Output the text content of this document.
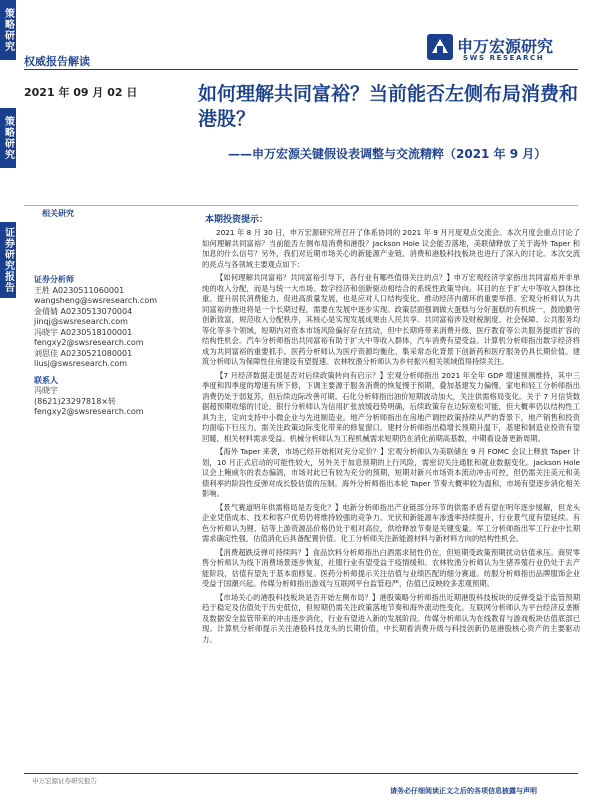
策略研究
策略研究
证券研究报告
申万宏源研究
SWS RESEARCH
权威报告解读
2021 年 09 月 02 日	如何理解共同富裕？当前能否左侧布局消费和港股？
——申万宏源关键假设表调整与交流精粹（2021 年 9 月）
相关研究
证券分析师
王胜 A0230511060001
wangsheng@swsresearch.com
金倩婧 A0230513070004
jinqj@swsresearch.com
冯晓宇 A0230518100001
fengxy2@swsresearch.com
刘思佳 A0230521080001
liusj@swsresearch.com
联系人
冯晓宇
(8621)23297818×转
fengxy2@swsresearch.com
本期投资提示：

2021 年 8 月 30 日，申万宏源研究所召开了体系协同的 2021 年 9 月月度观点交流会。本次月度会重点讨论了如何理解共同富裕？当前能否左侧布局消费和港股？Jackson Hole 议会能否落地，美联储释放了关于海外 Taper 和加息的什么信号？另外，我们对近期市场关心的新能源产业链、消费和港股科技板块也进行了深入的讨论。本次交流的亮点与各领域主要观点如下：

【如何理解共同富裕？共同富裕引导下，各行业有哪些值得关注的点？】申万宏观经济学家指出共同富裕并非单纯的收入分配，而是与统一大市场、数字经济和创新驱动相结合的系统性政策导向。其目的在于扩大中等收入群体比重、提升居民消费能力，促进高质量发展，也是应对人口结构变化、推动经济内循环的重要举措。宏观分析师认为共同富裕的推进将是一个长期过程，需要在发展中逐步实现。政策层面强调做大蛋糕与分好蛋糕的有机统一，鼓励勤劳创新致富，规范收入分配秩序，其核心是实现发展成果由人民共享。共同富裕涉及财税制度、社会保障、公共服务均等化等多个领域，短期内对资本市场风险偏好存在扰动，但中长期将带来消费升级、医疗教育等公共服务提质扩容的结构性机会。汽车分析师指出共同富裕有助于扩大中等收入群体，汽车消费有望受益。计算机分析师指出数字经济将成为共同富裕的重要抓手。医药分析师认为医疗资源均衡化、集采常态化背景下创新药和医疗服务仍具长期价值。建筑分析师认为保障性住房建设有望提速。农林牧渔分析师认为乡村振兴相关领域值得持续关注。

【7 月经济数据走弱是否对后续政策转向有启示？】宏观分析师指出 2021 年全年 GDP 增速预测维持，其中三季度和四季度的增速有所下修，下调主要源于服务消费的恢复慢于预期，叠加基建发力偏慢。家电和轻工分析师指出消费仍处于弱复苏，但后续边际改善可期。石化分析师指出油价短期波动加大，关注供需格局变化。关于 7 月信贷数据超预期收缩的讨论，银行分析师认为信用扩张放缓趋势明确，后续政策存在边际宽松可能，但大概率仍以结构性工具为主，定向支持中小微企业与先进制造业。地产分析师指出在房地产调控政策持续从严的背景下，地产销售和投资均面临下行压力，需关注政策边际变化带来的修复窗口。建材分析师指出稳增长预期升温下，基建和制造业投资有望回暖，相关材料需求受益。机械分析师认为工程机械需求短期仍在消化前期高基数，中期看设备更新周期。

【海外 Taper 来袭，市场已经开始相对充分定价？】宏观分析师认为美联储在 9 月 FOMC 会议上释放 Taper 计划，10 月正式启动的可能性较大，另外关于加息预期的上行风险，需密切关注通胀和就业数据变化。Jackson Hole 议会上鲍威尔的表态偏鸽，市场对此已有较为充分的预期，短期对新兴市场资本流动冲击可控，但仍需关注美元和美债利率的阶段性反弹对成长股估值的压制。海外分析师指出本轮 Taper 节奏大概率较为温和，市场有望逐步消化相关影响。

【景气赛道明年供需格局是否变化？】电新分析师指出产业链部分环节的供需矛盾有望在明年逐步缓解，但龙头企业凭借成本、技术和客户优势仍将维持较强的竞争力。光伏和新能源车渗透率持续提升，行业景气度有望延续。有色分析师认为锂、钴等上游资源品价格仍处于相对高位，供给释放节奏是关键变量。军工分析师指出军工行业中长期需求确定性强，估值消化后具备配置价值。化工分析师关注新能源材料与新材料方向的结构性机会。

【消费超跌反弹可持续吗？】食品饮料分析师指出白酒需求韧性仍在，但短期受政策预期扰动估值承压。商贸零售分析师认为线下消费场景逐步恢复，社服行业有望受益于疫情缓和。农林牧渔分析师认为生猪养殖行业仍处于去产能阶段，估值有望先于基本面修复。医药分析师提示关注估值与业绩匹配的细分赛道。纺服分析师指出品牌服饰企业受益于国潮兴起。传媒分析师指出游戏与互联网平台监管趋严，估值已反映较多悲观预期。

【市场关心的港股科技板块是否开始左侧布局？】港股策略分析师指出近期港股科技板块的反弹受益于监管预期趋于稳定及估值处于历史低位，但短期仍需关注政策落地节奏和海外流动性变化。互联网分析师认为平台经济反垄断及数据安全监管带来的冲击逐步消化，行业有望进入新的发展阶段。传媒分析师认为在线教育与游戏板块估值底部已现。计算机分析师提示关注港股科技龙头的长期价值，中长期看消费升级与科技创新仍是港股核心资产的主要驱动力。

申万宏源证券研究报告
请务必仔细阅读正文之后的各项信息披露与声明
